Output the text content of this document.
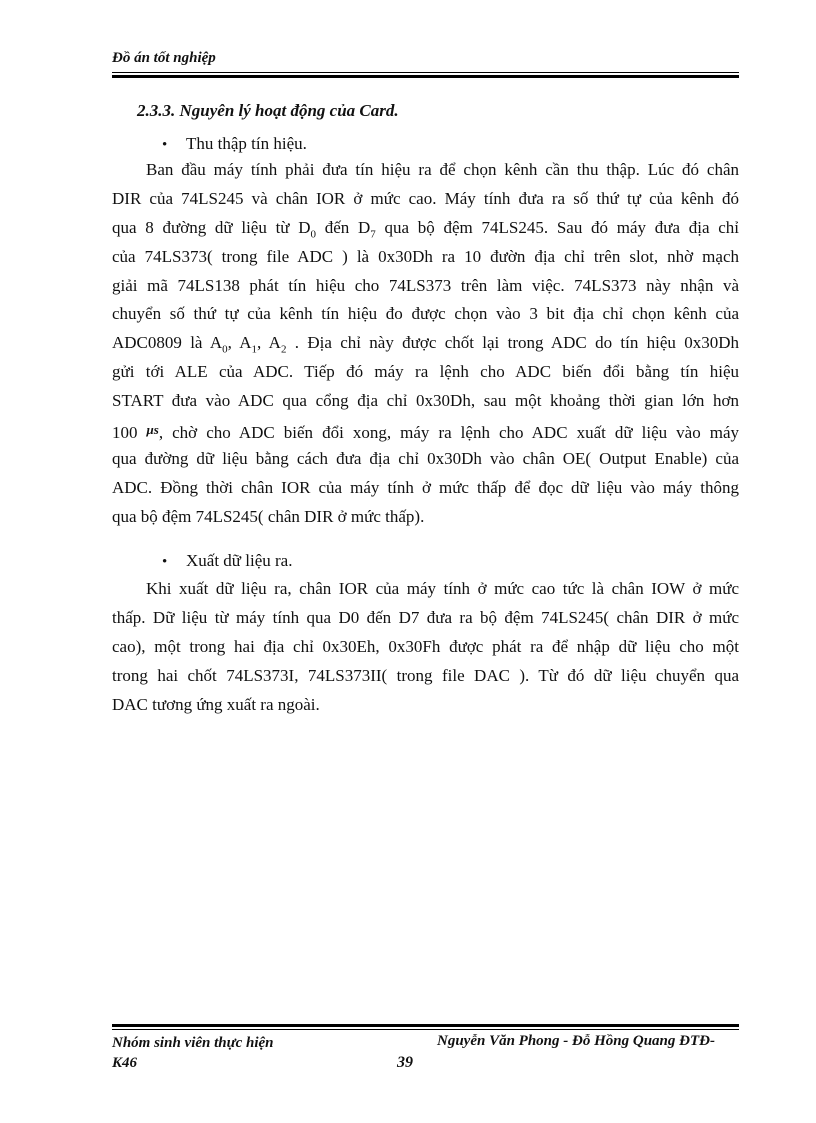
Đồ án tốt nghiệp
2.3.3. Nguyên lý hoạt động của Card.
• Thu thập tín hiệu.
Ban đầu máy tính phải đưa tín hiệu ra để chọn kênh cần thu thập. Lúc đó chân
DIR của 74LS245 và chân IOR ở mức cao. Máy tính đưa ra số thứ tự của kênh đó
qua 8 đường dữ liệu từ $D_0$ đến $D_7$ qua bộ đệm 74LS245. Sau đó máy đưa địa chỉ
của 74LS373( trong file ADC ) là 0x30Dh ra 10 đườn địa chỉ trên slot, nhờ mạch
giải mã 74LS138 phát tín hiệu cho 74LS373 trên làm việc. 74LS373 này nhận và
chuyển số thứ tự của kênh tín hiệu đo được chọn vào 3 bit địa chỉ chọn kênh của
ADC0809 là $A_0$, $A_1$, $A_2$ . Địa chỉ này được chốt lại trong ADC do tín hiệu 0x30Dh
gửi tới ALE của ADC. Tiếp đó máy ra lệnh cho ADC biến đổi bằng tín hiệu
START đưa vào ADC qua cổng địa chỉ 0x30Dh, sau một khoảng thời gian lớn hơn
100 $^{\mu s}$, chờ cho ADC biến đổi xong, máy ra lệnh cho ADC xuất dữ liệu vào máy
qua đường dữ liệu bằng cách đưa địa chỉ 0x30Dh vào chân OE( Output Enable) của
ADC. Đồng thời chân IOR của máy tính ở mức thấp để đọc dữ liệu vào máy thông
qua bộ đệm 74LS245( chân DIR ở mức thấp).
• Xuất dữ liệu ra.
Khi xuất dữ liệu ra, chân IOR của máy tính ở mức cao tức là chân IOW ở mức
thấp. Dữ liệu từ máy tính qua D0 đến D7 đưa ra bộ đệm 74LS245( chân DIR ở mức
cao), một trong hai địa chỉ 0x30Eh, 0x30Fh được phát ra để nhập dữ liệu cho một
trong hai chốt 74LS373I, 74LS373II( trong file DAC ). Từ đó dữ liệu chuyển qua
DAC tương ứng xuất ra ngoài.
Nhóm sinh viên thực hiện
K46
Nguyễn Văn Phong - Đỗ Hồng Quang ĐTĐ-
39
